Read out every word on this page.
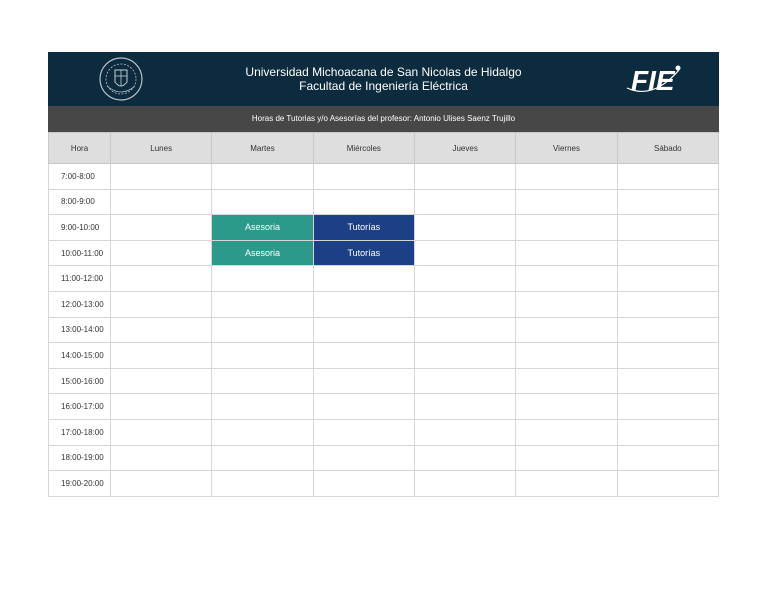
Universidad Michoacana de San Nicolas de Hidalgo
Facultad de Ingeniería Eléctrica	FIE
Horas de Tutorias y/o Asesorías del profesor: Antonio Ulises Saenz Trujillo
Hora	Lunes	Martes	Miércoles	Jueves	Viernes	Sábado
7:00-8:00						
8:00-9:00						
9:00-10:00		Asesoria	Tutorías			
10:00-11:00		Asesoria	Tutorías			
11:00-12:00						
12:00-13:00						
13:00-14:00						
14:00-15:00						
15:00-16:00						
16:00-17:00						
17:00-18:00						
18:00-19:00						
19:00-20:00						
